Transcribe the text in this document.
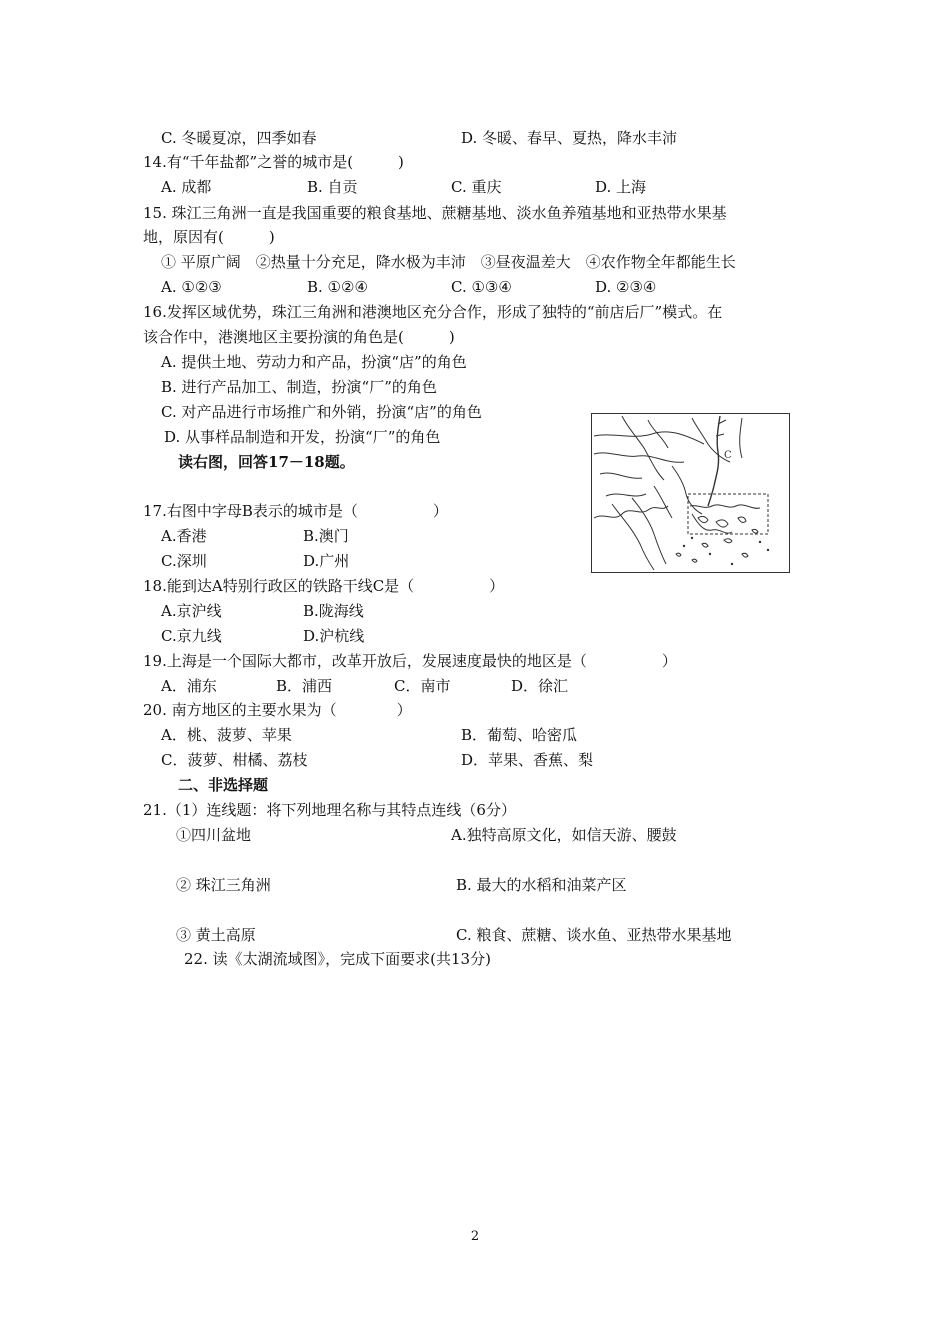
C. 冬暖夏凉，四季如春	D. 冬暖、春早、夏热，降水丰沛
14.有“千年盐都”之誉的城市是(　　　)
A. 成都	B. 自贡	C. 重庆	D. 上海
15. 珠江三角洲一直是我国重要的粮食基地、蔗糖基地、淡水鱼养殖基地和亚热带水果基
地，原因有(　　　)
① 平原广阔　②热量十分充足，降水极为丰沛　③昼夜温差大　④农作物全年都能生长
A. ①②③	B. ①②④	C. ①③④	D. ②③④
16.发挥区域优势，珠江三角洲和港澳地区充分合作，形成了独特的“前店后厂”模式。在
该合作中，港澳地区主要扮演的角色是(　　　)
A. 提供土地、劳动力和产品，扮演“店”的角色
B. 进行产品加工、制造，扮演“厂”的角色
C. 对产品进行市场推广和外销，扮演“店”的角色
D. 从事样品制造和开发，扮演“厂”的角色
读右图，回答17－18题。	C
17.右图中字母B表示的城市是（　　　　　）
A.香港	B.澳门
C.深圳	D.广州
18.能到达A特别行政区的铁路干线C是（　　　　　）
A.京沪线	B.陇海线
C.京九线	D.沪杭线
19.上海是一个国际大都市，改革开放后，发展速度最快的地区是（　　　　　）
A．浦东	B．浦西	C．南市	D．徐汇
20. 南方地区的主要水果为（　　　　）
A．桃、菠萝、苹果	B．葡萄、哈密瓜
C．菠萝、柑橘、荔枝	D．苹果、香蕉、梨
二、非选择题
21.（1）连线题：将下列地理名称与其特点连线（6分）
①四川盆地	A.独特高原文化，如信天游、腰鼓
② 珠江三角洲	B. 最大的水稻和油菜产区
③ 黄土高原	C. 粮食、蔗糖、谈水鱼、亚热带水果基地
22. 读《太湖流域图》，完成下面要求(共13分)
2
